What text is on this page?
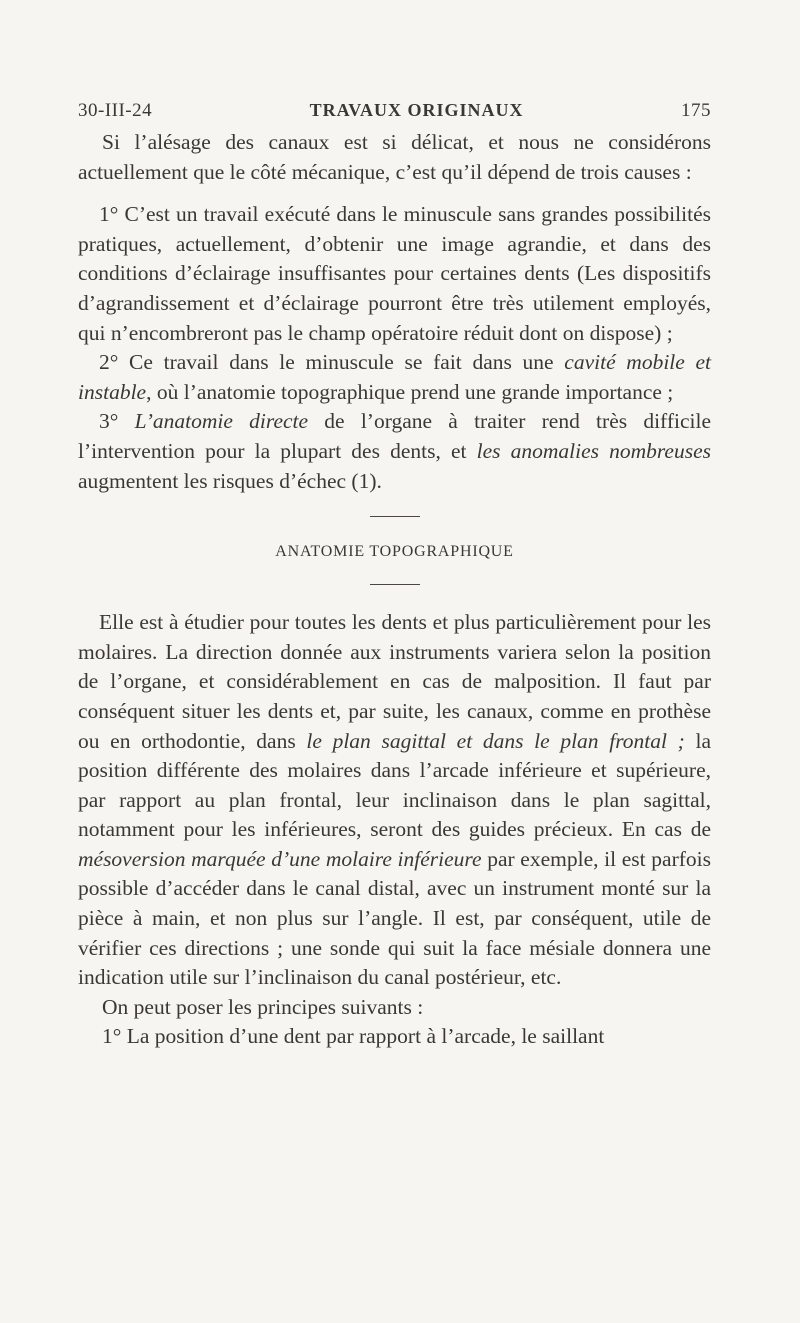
30-III-24	TRAVAUX ORIGINAUX	175

Si l’alésage des canaux est si délicat, et nous ne considérons actuellement que le côté mécanique, c’est qu’il dépend de trois causes :

1° C’est un travail exécuté dans le minuscule sans grandes possibilités pratiques, actuellement, d’obtenir une image agrandie, et dans des conditions d’éclairage insuffisantes pour certaines dents (Les dispositifs d’agrandissement et d’éclairage pourront être très utilement employés, qui n’encombreront pas le champ opératoire réduit dont on dispose) ;

2° Ce travail dans le minuscule se fait dans une cavité mobile et instable, où l’anatomie topographique prend une grande importance ;

3° L’anatomie directe de l’organe à traiter rend très difficile l’intervention pour la plupart des dents, et les anomalies nombreuses augmentent les risques d’échec (1).

ANATOMIE TOPOGRAPHIQUE

Elle est à étudier pour toutes les dents et plus particulièrement pour les molaires. La direction donnée aux instruments variera selon la position de l’organe, et considérablement en cas de malposition. Il faut par conséquent situer les dents et, par suite, les canaux, comme en prothèse ou en orthodontie, dans le plan sagittal et dans le plan frontal ; la position différente des molaires dans l’arcade inférieure et supérieure, par rapport au plan frontal, leur inclinaison dans le plan sagittal, notamment pour les inférieures, seront des guides précieux. En cas de mésoversion marquée d’une molaire inférieure par exemple, il est parfois possible d’accéder dans le canal distal, avec un instrument monté sur la pièce à main, et non plus sur l’angle. Il est, par conséquent, utile de vérifier ces directions ; une sonde qui suit la face mésiale donnera une indication utile sur l’inclinaison du canal postérieur, etc.

On peut poser les principes suivants :

1° La position d’une dent par rapport à l’arcade, le saillant
